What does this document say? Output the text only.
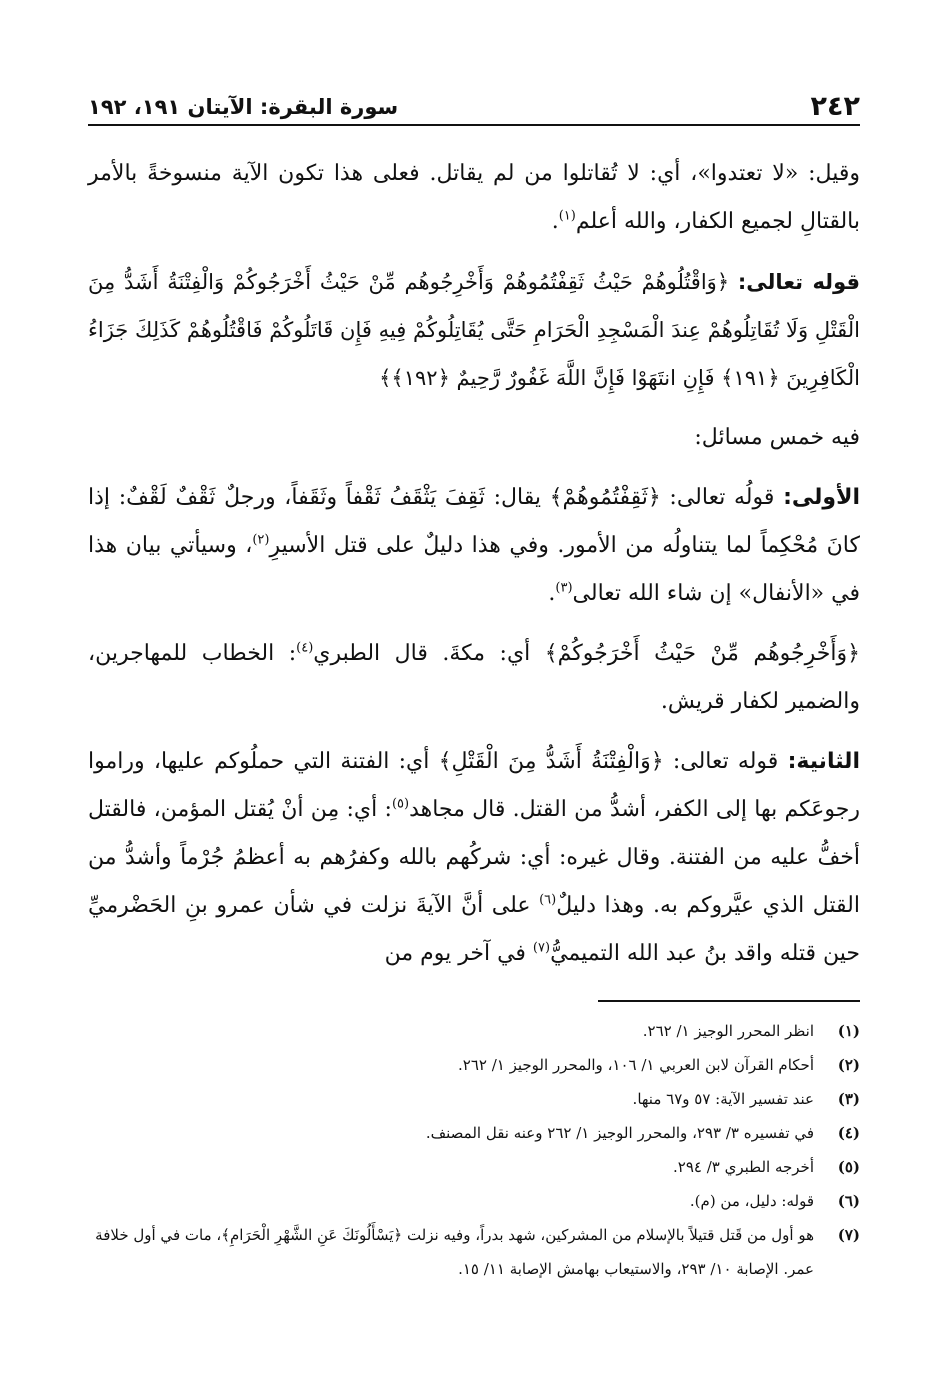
٢٤٢
سورة البقرة: الآيتان ١٩١، ١٩٢

وقيل: «لا تعتدوا»، أي: لا تُقاتلوا من لم يقاتل. فعلى هذا تكون الآية منسوخةً بالأمر بالقتالِ لجميع الكفار، والله أعلم$^{(١)}$.

قوله تعالى: ﴿وَاقْتُلُوهُمْ حَيْثُ ثَقِفْتُمُوهُمْ وَأَخْرِجُوهُم مِّنْ حَيْثُ أَخْرَجُوكُمْ وَالْفِتْنَةُ أَشَدُّ مِنَ الْقَتْلِ وَلَا تُقَاتِلُوهُمْ عِندَ الْمَسْجِدِ الْحَرَامِ حَتَّى يُقَاتِلُوكُمْ فِيهِ فَإِن قَاتَلُوكُمْ فَاقْتُلُوهُمْ كَذَلِكَ جَزَاءُ الْكَافِرِينَ ﴿١٩١﴾ فَإِنِ انتَهَوْا فَإِنَّ اللَّهَ غَفُورٌ رَّحِيمٌ ﴿١٩٢﴾﴾

فيه خمس مسائل:

الأولى: قولُه تعالى: ﴿ثَقِفْتُمُوهُمْ﴾ يقال: ثَقِفَ يَثْقَفُ ثَقْفاً وثَقَفاً، ورجلٌ ثَقْفٌ لَقْفٌ: إذا كانَ مُحْكِماً لما يتناولُه من الأمور. وفي هذا دليلٌ على قتل الأسيرِ$^{(٢)}$، وسيأتي بيان هذا في «الأنفال» إن شاء الله تعالى$^{(٣)}$.

﴿وَأَخْرِجُوهُم مِّنْ حَيْثُ أَخْرَجُوكُمْ﴾ أي: مكةَ. قال الطبري$^{(٤)}$: الخطاب للمهاجرين، والضمير لكفار قريش.

الثانية: قوله تعالى: ﴿وَالْفِتْنَةُ أَشَدُّ مِنَ الْقَتْلِ﴾ أي: الفتنة التي حملُوكم عليها، وراموا رجوعَكم بها إلى الكفر، أشدُّ من القتل. قال مجاهد$^{(٥)}$: أي: مِن أنْ يُقتل المؤمن، فالقتل أخفُّ عليه من الفتنة. وقال غيره: أي: شركُهم بالله وكفرُهم به أعظمُ جُرْماً وأشدُّ من القتل الذي عيَّروكم به. وهذا دليلٌ$^{(٦)}$ على أنَّ الآيةَ نزلت في شأن عمرو بنِ الحَضْرميِّ حين قتله واقد بنُ عبد الله التميميُّ$^{(٧)}$ في آخر يوم من

(١)
انظر المحرر الوجيز ١/ ٢٦٢.
(٢)
أحكام القرآن لابن العربي ١/ ١٠٦، والمحرر الوجيز ١/ ٢٦٢.
(٣)
عند تفسير الآية: ٥٧ و٦٧ منها.
(٤)
في تفسيره ٣/ ٢٩٣، والمحرر الوجيز ١/ ٢٦٢ وعنه نقل المصنف.
(٥)
أخرجه الطبري ٣/ ٢٩٤.
(٦)
قوله: دليل، من (م).
(٧)
هو أول من قَتل قتيلاً بالإسلام من المشركين، شهد بدراً، وفيه نزلت ﴿يَسْأَلُونَكَ عَنِ الشَّهْرِ الْحَرَامِ﴾، مات في أول خلافة عمر. الإصابة ١٠/ ٢٩٣، والاستيعاب بهامش الإصابة ١١/ ١٥.
